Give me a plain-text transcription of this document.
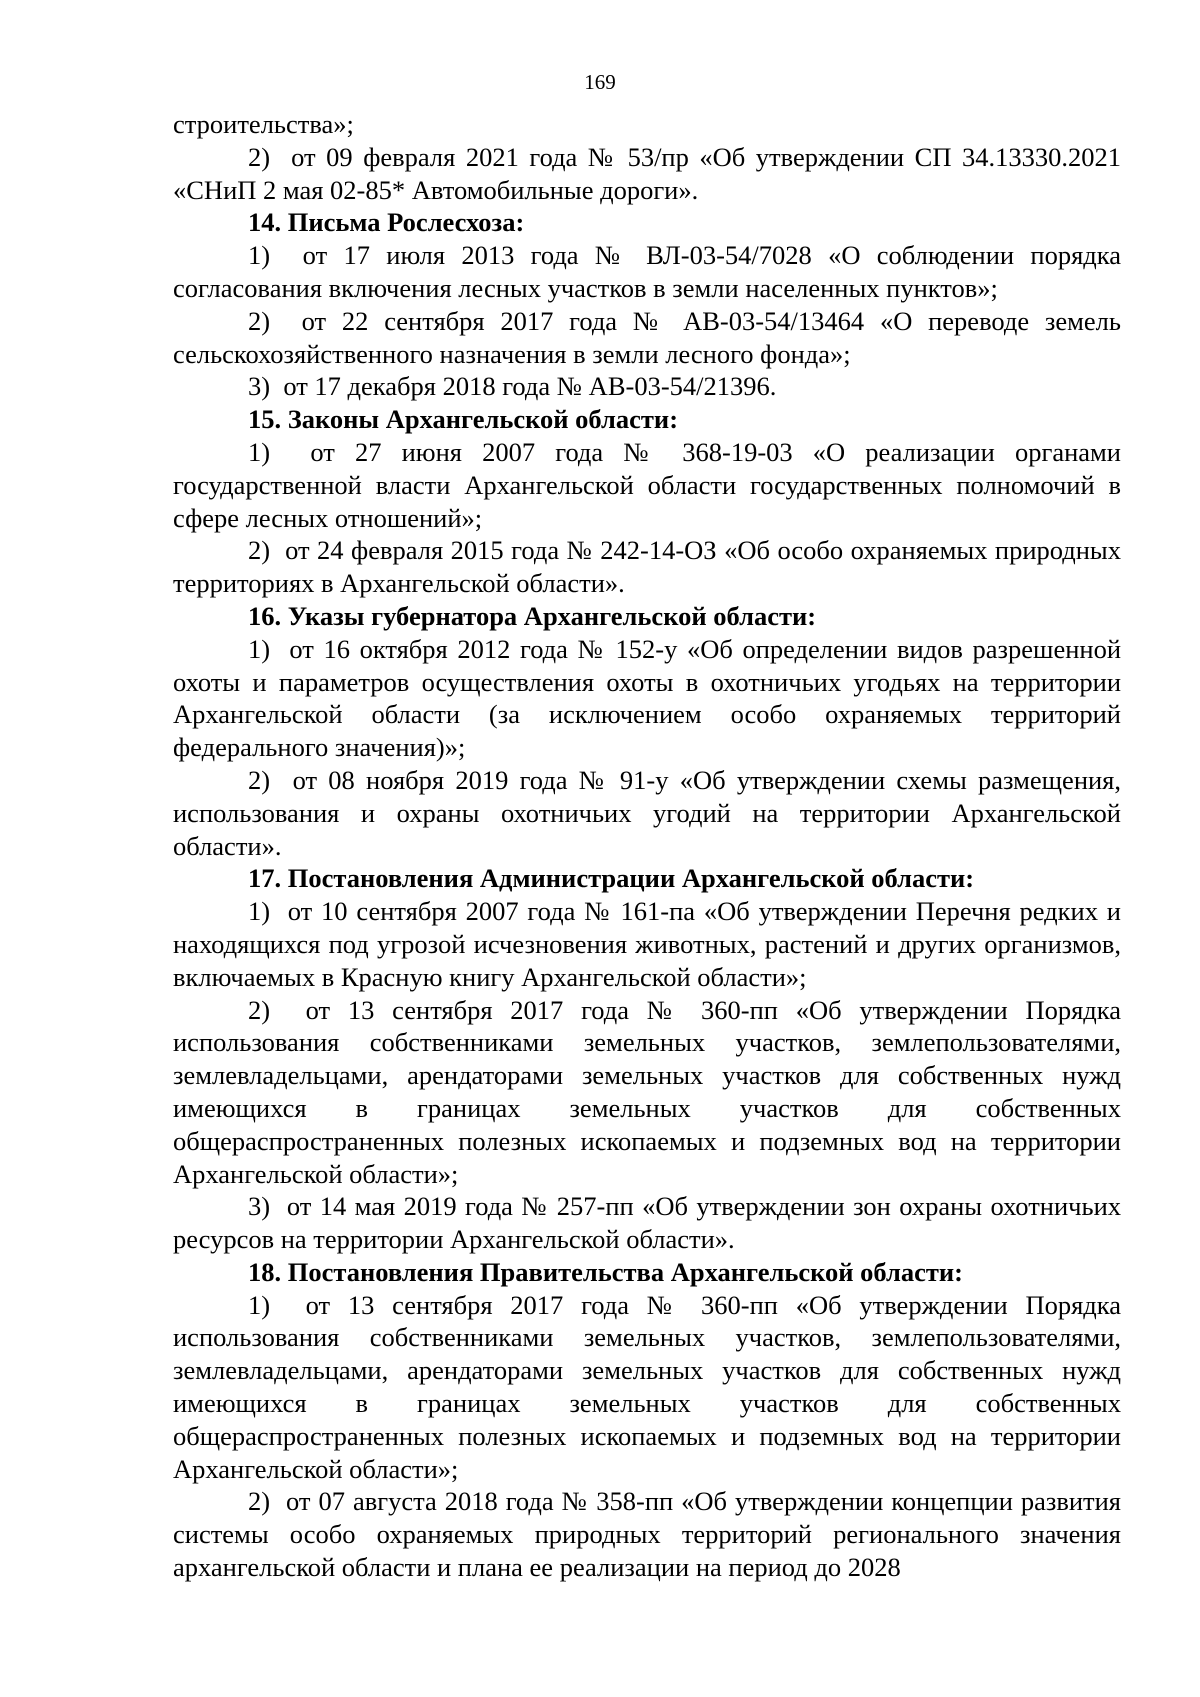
169

строительства»;

2)  от 09 февраля 2021 года № 53/пр «Об утверждении СП 34.13330.2021 «СНиП 2 мая 02-85* Автомобильные дороги».

14. Письма Рослесхоза:

1)  от 17 июля 2013 года № ВЛ-03-54/7028 «О соблюдении порядка согласования включения лесных участков в земли населенных пунктов»;

2)  от 22 сентября 2017 года № АВ-03-54/13464 «О переводе земель сельскохозяйственного назначения в земли лесного фонда»;

3)  от 17 декабря 2018 года № АВ-03-54/21396.

15. Законы Архангельской области:

1)  от 27 июня 2007 года № 368-19-03 «О реализации органами государственной власти Архангельской области государственных полномочий в сфере лесных отношений»;

2)  от 24 февраля 2015 года № 242-14-ОЗ «Об особо охраняемых природных территориях в Архангельской области».

16. Указы губернатора Архангельской области:

1)  от 16 октября 2012 года № 152-у «Об определении видов разрешенной охоты и параметров осуществления охоты в охотничьих угодьях на территории Архангельской области (за исключением особо охраняемых территорий федерального значения)»;

2)  от 08 ноября 2019 года № 91-у «Об утверждении схемы размещения, использования и охраны охотничьих угодий на территории Архангельской области».

17. Постановления Администрации Архангельской области:

1)  от 10 сентября 2007 года № 161-па «Об утверждении Перечня редких и находящихся под угрозой исчезновения животных, растений и других организмов, включаемых в Красную книгу Архангельской области»;

2)  от 13 сентября 2017 года № 360-пп «Об утверждении Порядка использования собственниками земельных участков, землепользователями, землевладельцами, арендаторами земельных участков для собственных нужд имеющихся в границах земельных участков для собственных общераспространенных полезных ископаемых и подземных вод на территории Архангельской области»;

3)  от 14 мая 2019 года № 257-пп «Об утверждении зон охраны охотничьих ресурсов на территории Архангельской области».

18. Постановления Правительства Архангельской области:

1)  от 13 сентября 2017 года № 360-пп «Об утверждении Порядка использования собственниками земельных участков, землепользователями, землевладельцами, арендаторами земельных участков для собственных нужд имеющихся в границах земельных участков для собственных общераспространенных полезных ископаемых и подземных вод на территории Архангельской области»;

2)  от 07 августа 2018 года № 358-пп «Об утверждении концепции развития системы особо охраняемых природных территорий регионального значения архангельской области и плана ее реализации на период до 2028
